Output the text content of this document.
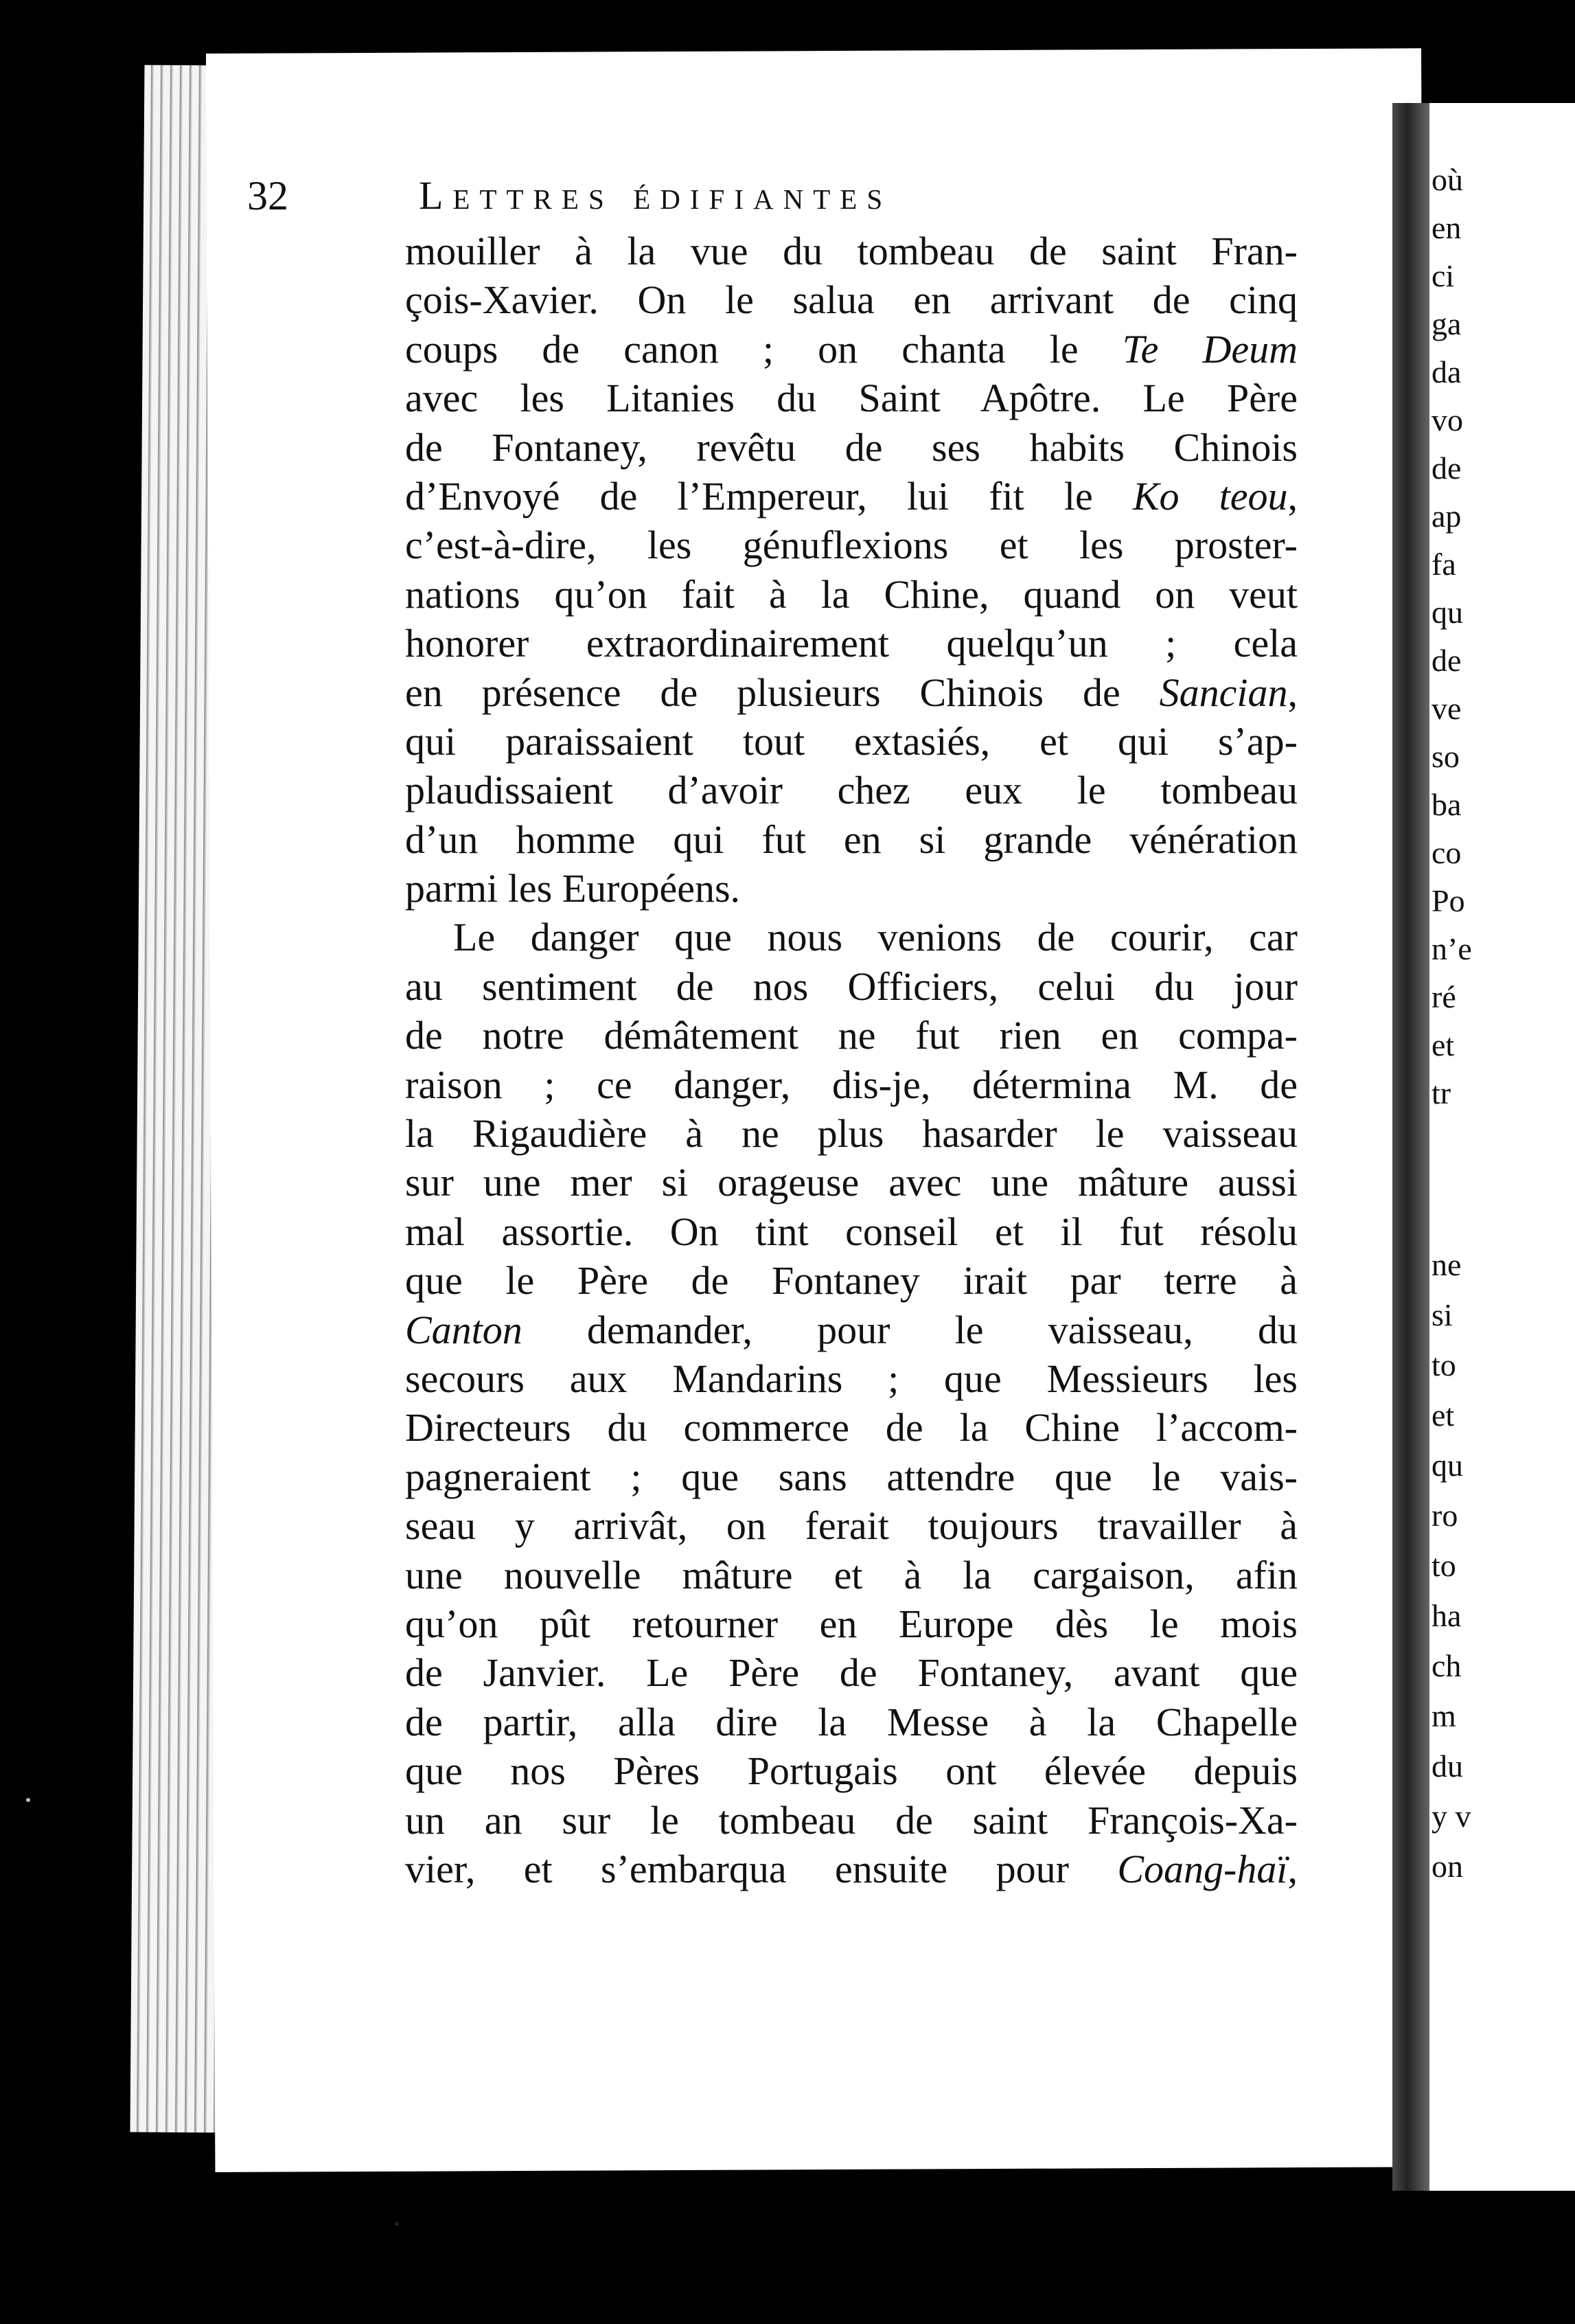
32	Lettres édifiantes
mouiller à la vue du tombeau de saint Fran-
çois-Xavier. On le salua en arrivant de cinq
coups de canon ; on chanta le Te Deum
avec les Litanies du Saint Apôtre. Le Père
de Fontaney, revêtu de ses habits Chinois
d’Envoyé de l’Empereur, lui fit le Ko teou,
c’est-à-dire, les génuflexions et les proster-
nations qu’on fait à la Chine, quand on veut
honorer extraordinairement quelqu’un ; cela
en présence de plusieurs Chinois de Sancian,
qui paraissaient tout extasiés, et qui s’ap-
plaudissaient d’avoir chez eux le tombeau
d’un homme qui fut en si grande vénération
parmi les Européens.
Le danger que nous venions de courir, car
au sentiment de nos Officiers, celui du jour
de notre démâtement ne fut rien en compa-
raison ; ce danger, dis-je, détermina M. de
la Rigaudière à ne plus hasarder le vaisseau
sur une mer si orageuse avec une mâture aussi
mal assortie. On tint conseil et il fut résolu
que le Père de Fontaney irait par terre à
Canton demander, pour le vaisseau, du
secours aux Mandarins ; que Messieurs les
Directeurs du commerce de la Chine l’accom-
pagneraient ; que sans attendre que le vais-
seau y arrivât, on ferait toujours travailler à
une nouvelle mâture et à la cargaison, afin
qu’on pût retourner en Europe dès le mois
de Janvier. Le Père de Fontaney, avant que
de partir, alla dire la Messe à la Chapelle
que nos Pères Portugais ont élevée depuis
un an sur le tombeau de saint François-Xa-
vier, et s’embarqua ensuite pour Coang-haï,
où
en
ci
ga
da
vo
de
ap
fa
qu
de
ve
so
ba
co
Po
n’e
ré
et
tr
ne
si
to
et
qu
ro
to
ha
ch
m
du
y v
on
